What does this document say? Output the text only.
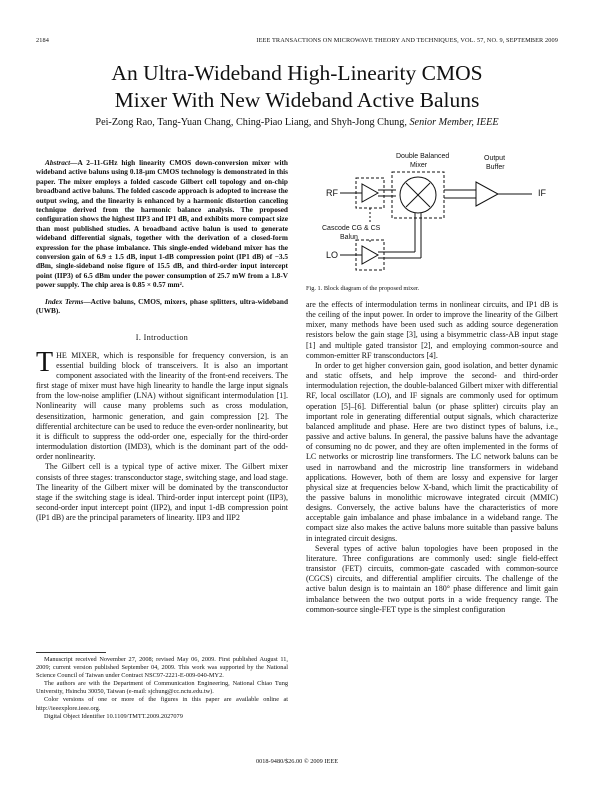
2184	IEEE TRANSACTIONS ON MICROWAVE THEORY AND TECHNIQUES, VOL. 57, NO. 9, SEPTEMBER 2009
An Ultra-Wideband High-Linearity CMOS
Mixer With New Wideband Active Baluns
Pei-Zong Rao, Tang-Yuan Chang, Ching-Piao Liang, and Shyh-Jong Chung, Senior Member, IEEE

Abstract—A 2–11-GHz high linearity CMOS down-conversion mixer with wideband active baluns using 0.18-μm CMOS technology is demonstrated in this paper. The mixer employs a folded cascode Gilbert cell topology and on-chip broadband active baluns. The folded cascode approach is adopted to increase the output swing, and the linearity is enhanced by a harmonic distortion canceling technique derived from the harmonic balance analysis. The proposed configuration shows the highest IIP3 and IP1 dB, and exhibits more compact size than most published studies. A broadband active balun is used to generate wideband differential signals, together with the derivation of a closed-form expression for the phase imbalance. This single-ended wideband mixer has the conversion gain of 6.9 ± 1.5 dB, input 1-dB compression point (IP1 dB) of −3.5 dBm, single-sideband noise figure of 15.5 dB, and third-order input intercept point (IIP3) of 6.5 dBm under the power consumption of 25.7 mW from a 1.8-V power supply. The chip area is 0.85 × 0.57 mm².

Index Terms—Active baluns, CMOS, mixers, phase splitters, ultra-wideband (UWB).

I. Introduction

THE MIXER, which is responsible for frequency conversion, is an essential building block of transceivers. It is also an important component associated with the linearity of the front-end receivers. The first stage of mixer must have high linearity to handle the large input signals from the low-noise amplifier (LNA) without significant intermodulation [1]. Nonlinearity will cause many problems such as cross modulation, desensitization, harmonic generation, and gain compression [2]. The differential architecture can be used to reduce the even-order nonlinearity, but it is difficult to suppress the odd-order one, especially for the third-order intermodulation distortion (IMD3), which is the dominant part of the odd-order nonlinearity.

The Gilbert cell is a typical type of active mixer. The Gilbert mixer consists of three stages: transconductor stage, switching stage, and load stage. The linearity of the Gilbert mixer will be dominated by the transconductor stage if the switching stage is ideal. Third-order input intercept point (IIP3), second-order input intercept point (IIP2), and input 1-dB compression point (IP1 dB) are the principal parameters of linearity. IIP3 and IIP2

Manuscript received November 27, 2008; revised May 06, 2009. First published August 11, 2009; current version published September 04, 2009. This work was supported by the National Science Council of Taiwan under Contract NSC97-2221-E-009-040-MY2.

The authors are with the Department of Communication Engineering, National Chiao Tung University, Hsinchu 30050, Taiwan (e-mail: sjchung@cc.nctu.edu.tw).

Color versions of one or more of the figures in this paper are available online at http://ieeexplore.ieee.org.

Digital Object Identifier 10.1109/TMTT.2009.2027079

Double Balanced
Mixer
Output
Buffer
RF	IF
LO
Cascode CG & CS
Balun
Fig. 1. Block diagram of the proposed mixer.

are the effects of intermodulation terms in nonlinear circuits, and IP1 dB is the ceiling of the input power. In order to improve the linearity of the Gilbert mixer, many methods have been used such as adding source degeneration resistors below the gain stage [3], using a bisymmetric class-AB input stage [1] and multiple gated transistor [2], and employing common-source and common-emitter RF transconductors [4].

In order to get higher conversion gain, good isolation, and better dynamic and static offsets, and help improve the second- and third-order intermodulation rejection, the double-balanced Gilbert mixer with differential RF, local oscillator (LO), and IF signals are commonly used for optimum operation [5]–[6]. Differential balun (or phase splitter) circuits play an important role in generating differential output signals, which characterize balanced amplitude and phase. Here are two distinct types of baluns, i.e., passive and active baluns. In general, the passive baluns have the advantage of consuming no dc power, and they are often implemented in the forms of LC networks or microstrip line transformers. The LC network baluns can be used in narrowband and the microstrip line transformers in wideband applications. However, both of them are lossy and expensive for larger physical size at frequencies below X-band, which limit the practicability of the passive baluns in monolithic microwave integrated circuit (MMIC) designs. Conversely, the active baluns have the characteristics of more acceptable gain imbalance and phase imbalance in a wideband range. The compact size also makes the active baluns more suitable than passive baluns in integrated circuit designs.

Several types of active balun topologies have been proposed in the literature. Three configurations are commonly used: single field-effect transistor (FET) circuits, common-gate cascaded with common-source (CGCS) circuits, and differential amplifier circuits. The challenge of the active balun design is to maintain an 180° phase difference and limit gain imbalance between the two output ports in a wide frequency range. The common-source single-FET type is the simplest configuration

0018-9480/$26.00 © 2009 IEEE
